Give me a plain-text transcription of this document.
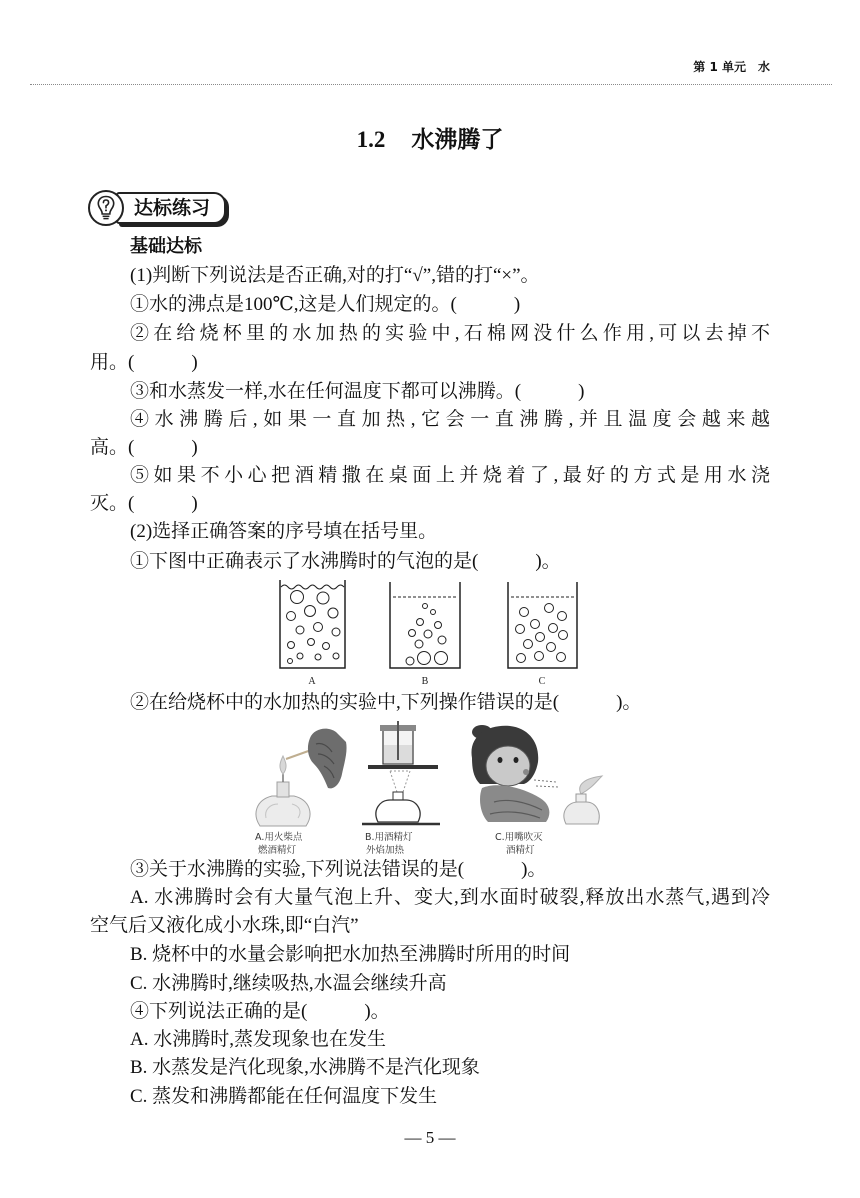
第 1 单元　水
1.2 水沸腾了
达标练习
基础达标
(1)判断下列说法是否正确,对的打“√”,错的打“×”。
①水的沸点是100℃,这是人们规定的。(　　　)
②在给烧杯里的水加热的实验中,石棉网没什么作用,可以去掉不
用。(　　　)
③和水蒸发一样,水在任何温度下都可以沸腾。(　　　)
④水沸腾后,如果一直加热,它会一直沸腾,并且温度会越来越
高。(　　　)
⑤如果不小心把酒精撒在桌面上并烧着了,最好的方式是用水浇
灭。(　　　)
(2)选择正确答案的序号填在括号里。
①下图中正确表示了水沸腾时的气泡的是(　　　)。
A	B	C
②在给烧杯中的水加热的实验中,下列操作错误的是(　　　)。
A.用火柴点
燃酒精灯
B.用酒精灯
外焰加热
C.用嘴吹灭
酒精灯
③关于水沸腾的实验,下列说法错误的是(　　　)。
A. 水沸腾时会有大量气泡上升、变大,到水面时破裂,释放出水蒸气,遇到冷
空气后又液化成小水珠,即“白汽”
B. 烧杯中的水量会影响把水加热至沸腾时所用的时间
C. 水沸腾时,继续吸热,水温会继续升高
④下列说法正确的是(　　　)。
A. 水沸腾时,蒸发现象也在发生
B. 水蒸发是汽化现象,水沸腾不是汽化现象
C. 蒸发和沸腾都能在任何温度下发生
— 5 —
